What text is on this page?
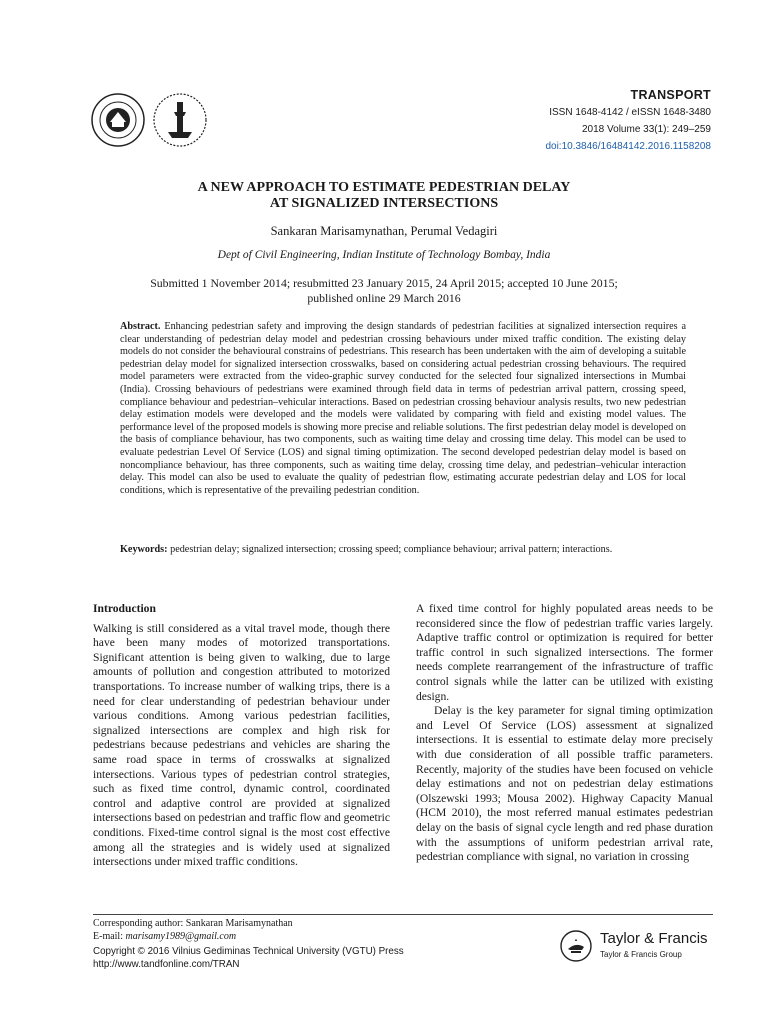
TRANSPORT
ISSN 1648-4142 / eISSN 1648-3480
2018 Volume 33(1): 249–259
doi:10.3846/16484142.2016.1158208
A NEW APPROACH TO ESTIMATE PEDESTRIAN DELAY
AT SIGNALIZED INTERSECTIONS
Sankaran Marisamynathan, Perumal Vedagiri
Dept of Civil Engineering, Indian Institute of Technology Bombay, India
Submitted 1 November 2014; resubmitted 23 January 2015, 24 April 2015; accepted 10 June 2015;
published online 29 March 2016
Abstract. Enhancing pedestrian safety and improving the design standards of pedestrian facilities at signalized intersection requires a clear understanding of pedestrian delay model and pedestrian crossing behaviours under mixed traffic condition. The existing delay models do not consider the behavioural constrains of pedestrians. This research has been undertaken with the aim of developing a suitable pedestrian delay model for signalized intersection crosswalks, based on considering actual pedestrian crossing behaviours. The required model parameters were extracted from the video-graphic survey conducted for the selected four signalized intersections in Mumbai (India). Crossing behaviours of pedestrians were examined through field data in terms of pedestrian arrival pattern, crossing speed, compliance behaviour and pedestrian–vehicular interactions. Based on pedestrian crossing behaviour analysis results, two new pedestrian delay estimation models were developed and the models were validated by comparing with field and existing model values. The performance level of the proposed models is showing more precise and reliable solutions. The first pedestrian delay model is developed on the basis of compliance behaviour, has two components, such as waiting time delay and crossing time delay. This model can be used to evaluate pedestrian Level Of Service (LOS) and signal timing optimization. The second developed pedestrian delay model is based on noncompliance behaviour, has three components, such as waiting time delay, crossing time delay, and pedestrian–vehicular interaction delay. This model can also be used to evaluate the quality of pedestrian flow, estimating accurate pedestrian delay and LOS for local conditions, which is representative of the prevailing pedestrian condition.
Keywords: pedestrian delay; signalized intersection; crossing speed; compliance behaviour; arrival pattern; interactions.
Introduction

Walking is still considered as a vital travel mode, though there have been many modes of motorized transportations. Significant attention is being given to walking, due to large amounts of pollution and congestion attributed to motorized transportations. To increase number of walking trips, there is a need for clear understanding of pedestrian behaviour under various conditions. Among various pedestrian facilities, signalized intersections are complex and high risk for pedestrians because pedestrians and vehicles are sharing the same road space in terms of crosswalks at signalized intersections. Various types of pedestrian control strategies, such as fixed time control, dynamic control, coordinated control and adaptive control are provided at signalized intersections based on pedestrian and traffic flow and geometric conditions. Fixed-time control signal is the most cost effective among all the strategies and is widely used at signalized intersections under mixed traffic conditions.

A fixed time control for highly populated areas needs to be reconsidered since the flow of pedestrian traffic varies largely. Adaptive traffic control or optimization is required for better traffic control in such signalized intersections. The former needs complete rearrangement of the infrastructure of traffic control signals while the latter can be utilized with existing design.

Delay is the key parameter for signal timing optimization and Level Of Service (LOS) assessment at signalized intersections. It is essential to estimate delay more precisely with due consideration of all possible traffic parameters. Recently, majority of the studies have been focused on vehicle delay estimations and not on pedestrian delay estimations (Olszewski 1993; Mousa 2002). Highway Capacity Manual (HCM 2010), the most referred manual estimates pedestrian delay on the basis of signal cycle length and red phase duration with the assumptions of uniform pedestrian arrival rate, pedestrian compliance with signal, no variation in crossing

Corresponding author: Sankaran Marisamynathan
E-mail: marisamy1989@gmail.com
Copyright © 2016 Vilnius Gediminas Technical University (VGTU) Press
http://www.tandfonline.com/TRAN
Taylor & Francis
Taylor & Francis Group
